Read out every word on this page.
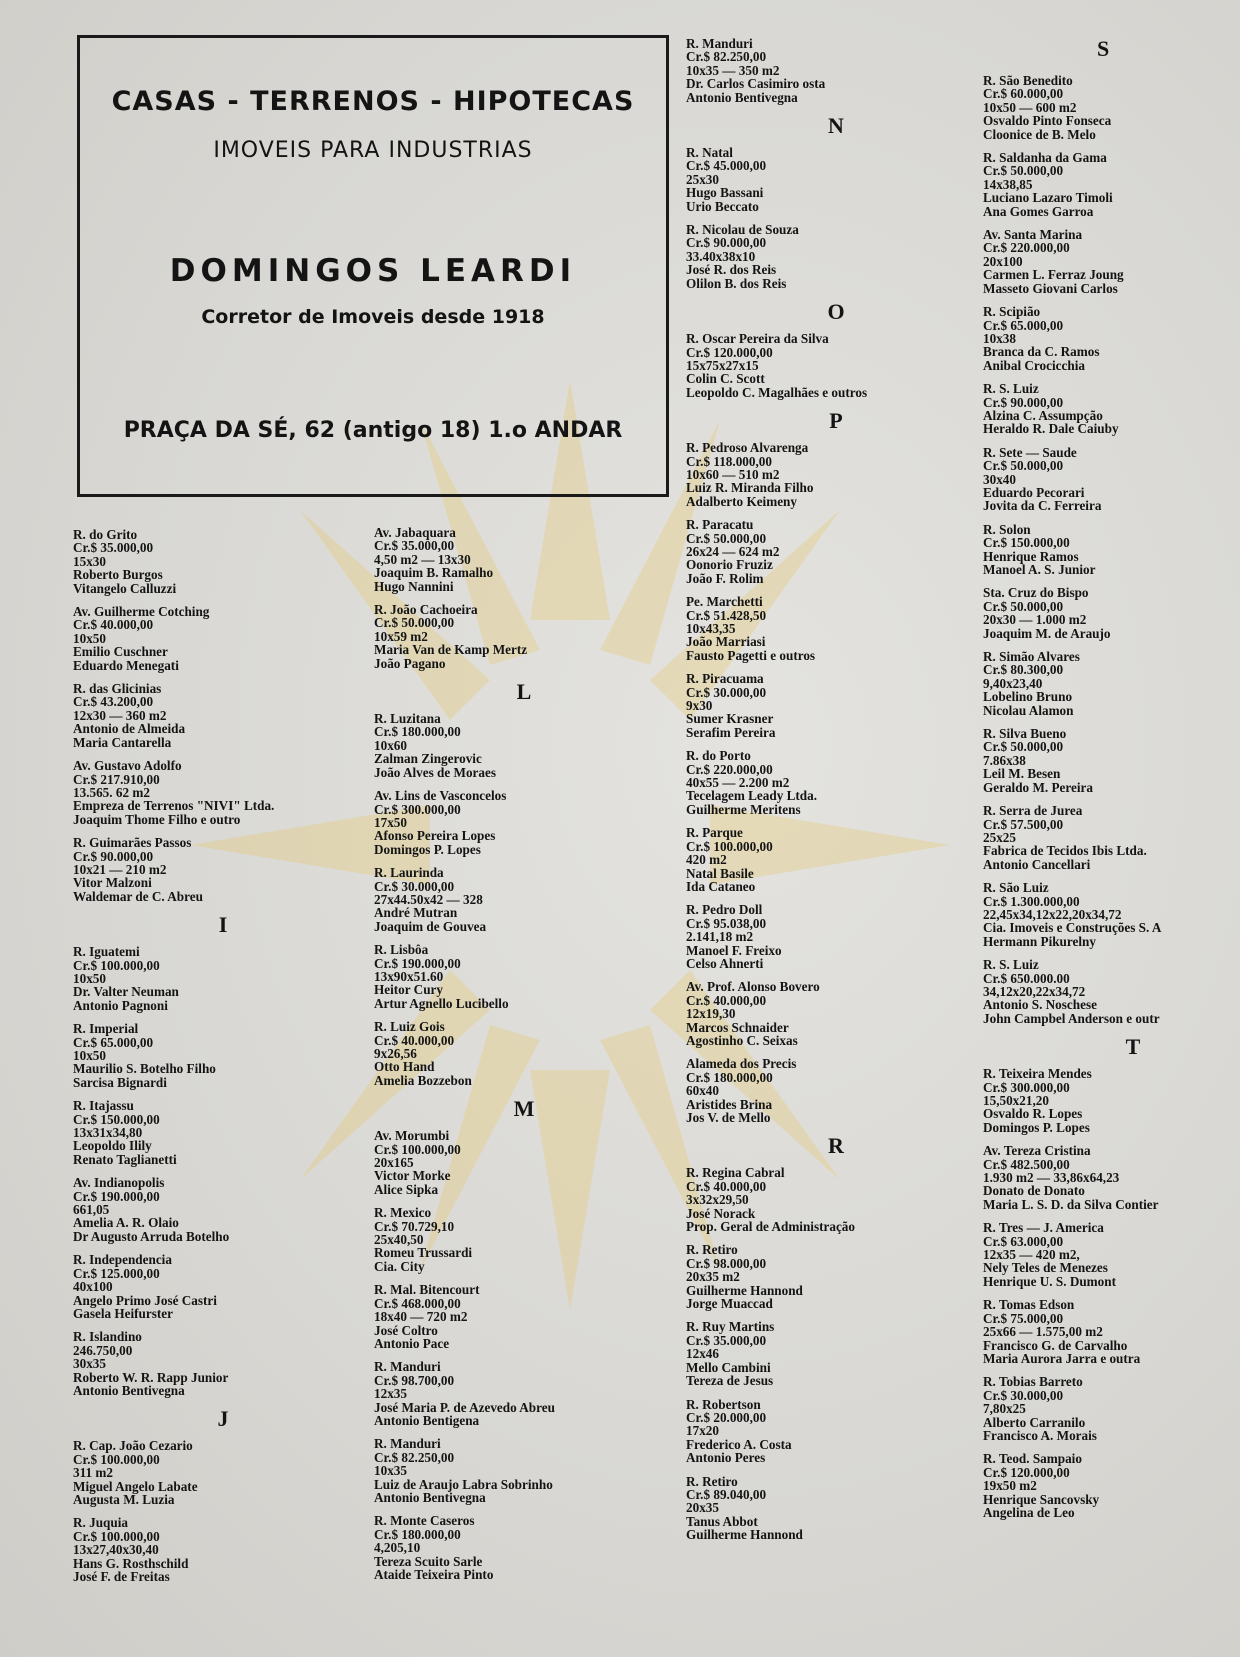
CASAS - TERRENOS - HIPOTECAS
IMOVEIS PARA INDUSTRIAS
DOMINGOS LEARDI
Corretor de Imoveis desde 1918
PRAÇA DA SÉ, 62 (antigo 18) 1.o ANDAR
R. do Grito
Cr.$ 35.000,00
15x30
Roberto Burgos
Vitangelo Calluzzi
Av. Guilherme Cotching
Cr.$ 40.000,00
10x50
Emilio Cuschner
Eduardo Menegati
R. das Glicinias
Cr.$ 43.200,00
12x30 — 360 m2
Antonio de Almeida
Maria Cantarella
Av. Gustavo Adolfo
Cr.$ 217.910,00
13.565. 62 m2
Empreza de Terrenos "NIVI" Ltda.
Joaquim Thome Filho e outro
R. Guimarães Passos
Cr.$ 90.000,00
10x21 — 210 m2
Vitor Malzoni
Waldemar de C. Abreu
I
R. Iguatemi
Cr.$ 100.000,00
10x50
Dr. Valter Neuman
Antonio Pagnoni
R. Imperial
Cr.$ 65.000,00
10x50
Maurilio S. Botelho Filho
Sarcisa Bignardi
R. Itajassu
Cr.$ 150.000,00
13x31x34,80
Leopoldo Ilily
Renato Taglianetti
Av. Indianopolis
Cr.$ 190.000,00
661,05
Amelia A. R. Olaio
Dr Augusto Arruda Botelho
R. Independencia
Cr.$ 125.000,00
40x100
Angelo Primo José Castri
Gasela Heifurster
R. Islandino
246.750,00
30x35
Roberto W. R. Rapp Junior
Antonio Bentivegna
J
R. Cap. João Cezario
Cr.$ 100.000,00
311 m2
Miguel Angelo Labate
Augusta M. Luzia
R. Juquia
Cr.$ 100.000,00
13x27,40x30,40
Hans G. Rosthschild
José F. de Freitas
Av. Jabaquara
Cr.$ 35.000,00
4,50 m2 — 13x30
Joaquim B. Ramalho
Hugo Nannini
R. João Cachoeira
Cr.$ 50.000,00
10x59 m2
Maria Van de Kamp Mertz
João Pagano
L
R. Luzitana
Cr.$ 180.000,00
10x60
Zalman Zingerovic
João Alves de Moraes
Av. Lins de Vasconcelos
Cr.$ 300.000,00
17x50
Afonso Pereira Lopes
Domingos P. Lopes
R. Laurinda
Cr.$ 30.000,00
27x44.50x42 — 328
André Mutran
Joaquim de Gouvea
R. Lisbôa
Cr.$ 190.000,00
13x90x51.60
Heitor Cury
Artur Agnello Lucibello
R. Luiz Gois
Cr.$ 40.000,00
9x26,56
Otto Hand
Amelia Bozzebon
M
Av. Morumbi
Cr.$ 100.000,00
20x165
Victor Morke
Alice Sipka
R. Mexico
Cr.$ 70.729,10
25x40,50
Romeu Trussardi
Cia. City
R. Mal. Bitencourt
Cr.$ 468.000,00
18x40 — 720 m2
José Coltro
Antonio Pace
R. Manduri
Cr.$ 98.700,00
12x35
José Maria P. de Azevedo Abreu
Antonio Bentigena
R. Manduri
Cr.$ 82.250,00
10x35
Luiz de Araujo Labra Sobrinho
Antonio Bentivegna
R. Monte Caseros
Cr.$ 180.000,00
4,205,10
Tereza Scuito Sarle
Ataide Teixeira Pinto
R. Manduri
Cr.$ 82.250,00
10x35 — 350 m2
Dr. Carlos Casimiro osta
Antonio Bentivegna
N
R. Natal
Cr.$ 45.000,00
25x30
Hugo Bassani
Urio Beccato
R. Nicolau de Souza
Cr.$ 90.000,00
33.40x38x10
José R. dos Reis
Olilon B. dos Reis
O
R. Oscar Pereira da Silva
Cr.$ 120.000,00
15x75x27x15
Colin C. Scott
Leopoldo C. Magalhães e outros
P
R. Pedroso Alvarenga
Cr.$ 118.000,00
10x60 — 510 m2
Luiz R. Miranda Filho
Adalberto Keimeny
R. Paracatu
Cr.$ 50.000,00
26x24 — 624 m2
Oonorio Fruziz
João F. Rolim
Pe. Marchetti
Cr.$ 51.428,50
10x43,35
João Marriasi
Fausto Pagetti e outros
R. Piracuama
Cr.$ 30.000,00
9x30
Sumer Krasner
Serafim Pereira
R. do Porto
Cr.$ 220.000,00
40x55 — 2.200 m2
Tecelagem Leady Ltda.
Guilherme Meritens
R. Parque
Cr.$ 100.000,00
420 m2
Natal Basile
Ida Cataneo
R. Pedro Doll
Cr.$ 95.038,00
2.141,18 m2
Manoel F. Freixo
Celso Ahnerti
Av. Prof. Alonso Bovero
Cr.$ 40.000,00
12x19,30
Marcos Schnaider
Agostinho C. Seixas
Alameda dos Precis
Cr.$ 180.000,00
60x40
Aristides Brina
Jos V. de Mello
R
R. Regina Cabral
Cr.$ 40.000,00
3x32x29,50
José Norack
Prop. Geral de Administração
R. Retiro
Cr.$ 98.000,00
20x35 m2
Guilherme Hannond
Jorge Muaccad
R. Ruy Martins
Cr.$ 35.000,00
12x46
Mello Cambini
Tereza de Jesus
R. Robertson
Cr.$ 20.000,00
17x20
Frederico A. Costa
Antonio Peres
R. Retiro
Cr.$ 89.040,00
20x35
Tanus Abbot
Guilherme Hannond
S
R. São Benedito
Cr.$ 60.000,00
10x50 — 600 m2
Osvaldo Pinto Fonseca
Cloonice de B. Melo
R. Saldanha da Gama
Cr.$ 50.000,00
14x38,85
Luciano Lazaro Timoli
Ana Gomes Garroa
Av. Santa Marina
Cr.$ 220.000,00
20x100
Carmen L. Ferraz Joung
Masseto Giovani Carlos
R. Scipião
Cr.$ 65.000,00
10x38
Branca da C. Ramos
Anibal Crocicchia
R. S. Luiz
Cr.$ 90.000,00
Alzina C. Assumpção
Heraldo R. Dale Caiuby
R. Sete — Saude
Cr.$ 50.000,00
30x40
Eduardo Pecorari
Jovita da C. Ferreira
R. Solon
Cr.$ 150.000,00
Henrique Ramos
Manoel A. S. Junior
Sta. Cruz do Bispo
Cr.$ 50.000,00
20x30 — 1.000 m2
Joaquim M. de Araujo
R. Simão Alvares
Cr.$ 80.300,00
9,40x23,40
Lobelino Bruno
Nicolau Alamon
R. Silva Bueno
Cr.$ 50.000,00
7.86x38
Leil M. Besen
Geraldo M. Pereira
R. Serra de Jurea
Cr.$ 57.500,00
25x25
Fabrica de Tecidos Ibis Ltda.
Antonio Cancellari
R. São Luiz
Cr.$ 1.300.000,00
22,45x34,12x22,20x34,72
Cia. Imoveis e Construções S. A
Hermann Pikurelny
R. S. Luiz
Cr.$ 650.000.00
34,12x20,22x34,72
Antonio S. Noschese
John Campbel Anderson e outr
T
R. Teixeira Mendes
Cr.$ 300.000,00
15,50x21,20
Osvaldo R. Lopes
Domingos P. Lopes
Av. Tereza Cristina
Cr.$ 482.500,00
1.930 m2 — 33,86x64,23
Donato de Donato
Maria L. S. D. da Silva Contier
R. Tres — J. America
Cr.$ 63.000,00
12x35 — 420 m2,
Nely Teles de Menezes
Henrique U. S. Dumont
R. Tomas Edson
Cr.$ 75.000,00
25x66 — 1.575,00 m2
Francisco G. de Carvalho
Maria Aurora Jarra e outra
R. Tobias Barreto
Cr.$ 30.000,00
7,80x25
Alberto Carranilo
Francisco A. Morais
R. Teod. Sampaio
Cr.$ 120.000,00
19x50 m2
Henrique Sancovsky
Angelina de Leo
